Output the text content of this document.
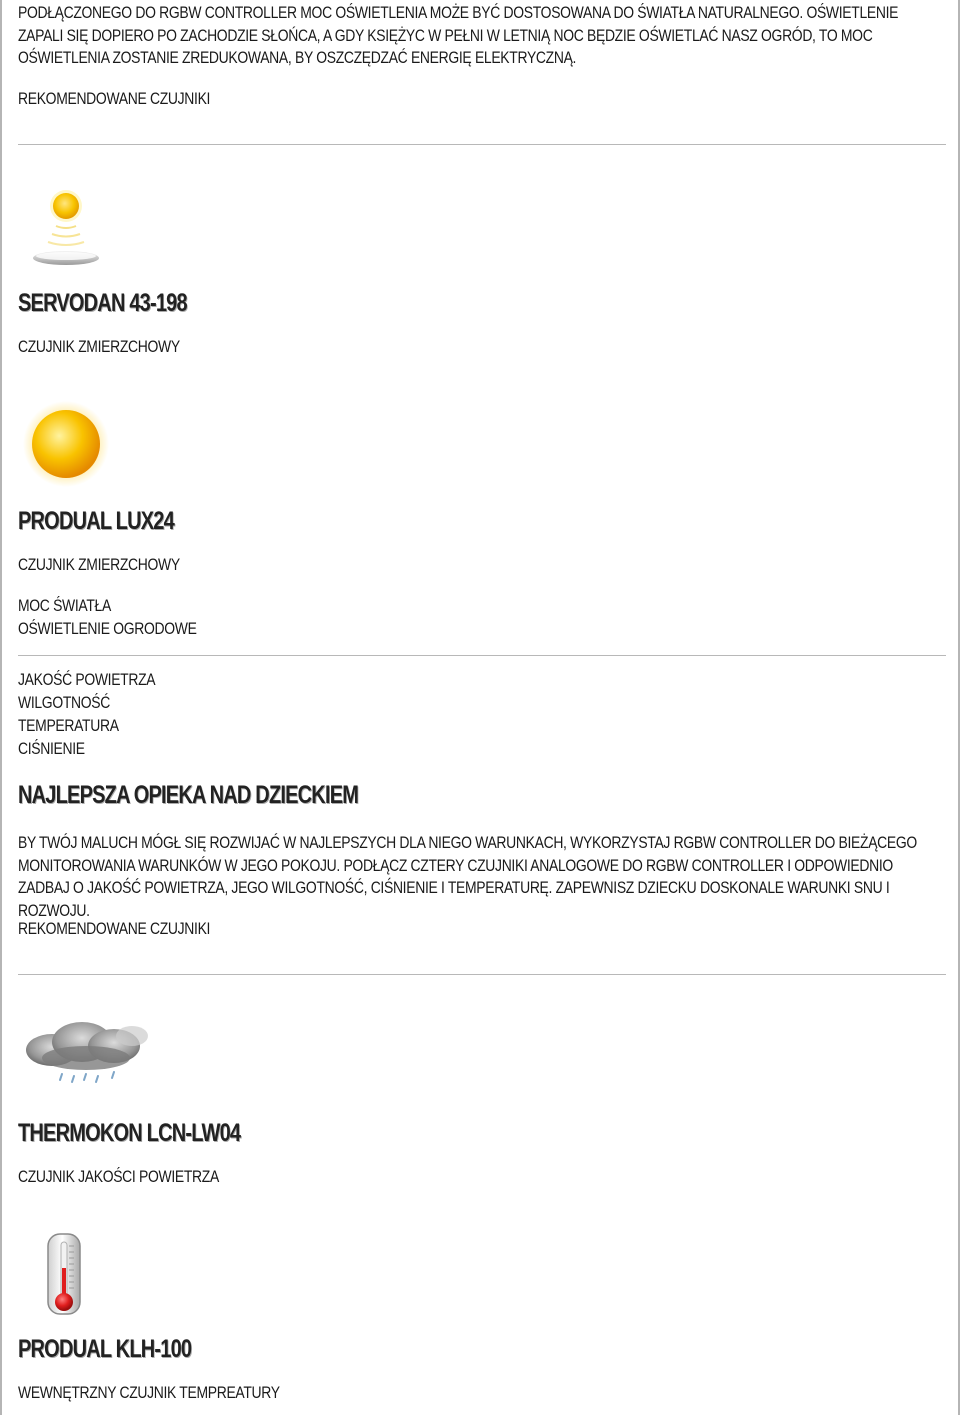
PODŁĄCZONEGO DO RGBW CONTROLLER MOC OŚWIETLENIA MOŻE BYĆ DOSTOSOWANA DO ŚWIATŁA NATURALNEGO. OŚWIETLENIE ZAPALI SIĘ DOPIERO PO ZACHODZIE SŁOŃCA, A GDY KSIĘŻYC W PEŁNI W LETNIĄ NOC BĘDZIE OŚWIETLAĆ NASZ OGRÓD, TO MOC OŚWIETLENIA ZOSTANIE ZREDUKOWANA, BY OSZCZĘDZAĆ ENERGIĘ ELEKTRYCZNĄ.
REKOMENDOWANE CZUJNIKI
SERVODAN 43-198
CZUJNIK ZMIERZCHOWY
PRODUAL LUX24
CZUJNIK ZMIERZCHOWY
MOC ŚWIATŁA
OŚWIETLENIE OGRODOWE
JAKOŚĆ POWIETRZA
WILGOTNOŚĆ
TEMPERATURA
CIŚNIENIE
NAJLEPSZA OPIEKA NAD DZIECKIEM
BY TWÓJ MALUCH MÓGŁ SIĘ ROZWIJAĆ W NAJLEPSZYCH DLA NIEGO WARUNKACH, WYKORZYSTAJ RGBW CONTROLLER DO BIEŻĄCEGO MONITOROWANIA WARUNKÓW W JEGO POKOJU. PODŁĄCZ CZTERY CZUJNIKI ANALOGOWE DO RGBW CONTROLLER I ODPOWIEDNIO ZADBAJ O JAKOŚĆ POWIETRZA, JEGO WILGOTNOŚĆ, CIŚNIENIE I TEMPERATURĘ. ZAPEWNISZ DZIECKU DOSKONALE WARUNKI SNU I ROZWOJU.
REKOMENDOWANE CZUJNIKI
THERMOKON LCN-LW04
CZUJNIK JAKOŚCI POWIETRZA
PRODUAL KLH-100
WEWNĘTRZNY CZUJNIK TEMPREATURY
